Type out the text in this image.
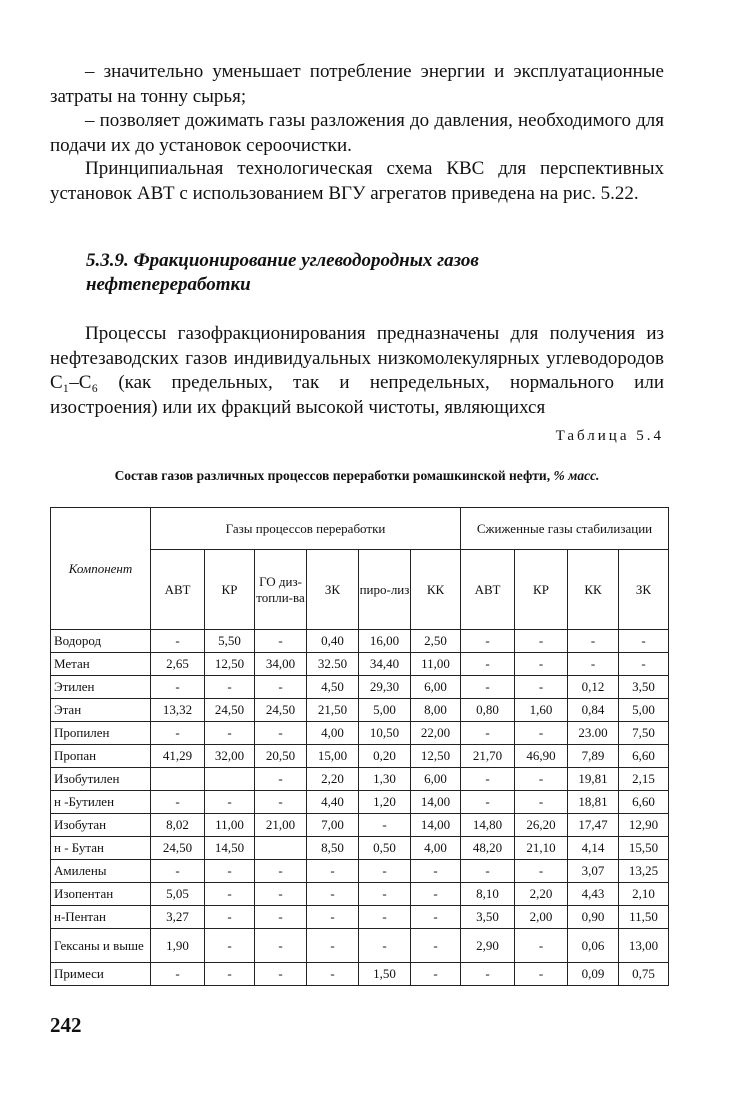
– значительно уменьшает потребление энергии и эксплуатационные затраты на тонну сырья;

– позволяет дожимать газы разложения до давления, необходимого для подачи их до установок сероочистки.

Принципиальная технологическая схема КВС для перспективных установок АВТ с использованием ВГУ агрегатов приведена на рис. 5.22.

5.3.9. Фракционирование углеводородных газов нефтепереработки

Процессы газофракционирования предназначены для получения из нефтезаводских газов индивидуальных низкомолекулярных углеводородов C₁–C₆ (как предельных, так и непредельных, нормального или изостроения) или их фракций высокой чистоты, являющихся

Таблица 5.4

Состав газов различных процессов переработки ромашкинской нефти, % масс.

Компонент	Газы процессов переработки						Сжиженные газы стабилизации			
	АВТ	КР	ГО диз-топли-ва	ЗК	пиро-лиз	КК	АВТ	КР	КК	ЗК
Водород	-	5,50	-	0,40	16,00	2,50	-	-	-	-
Метан	2,65	12,50	34,00	32.50	34,40	11,00	-	-	-	-
Этилен	-	-	-	4,50	29,30	6,00	-	-	0,12	3,50
Этан	13,32	24,50	24,50	21,50	5,00	8,00	0,80	1,60	0,84	5,00
Пропилен	-	-	-	4,00	10,50	22,00	-	-	23.00	7,50
Пропан	41,29	32,00	20,50	15,00	0,20	12,50	21,70	46,90	7,89	6,60
Изобутилен			-	2,20	1,30	6,00	-	-	19,81	2,15
н -Бутилен	-	-	-	4,40	1,20	14,00	-	-	18,81	6,60
Изобутан	8,02	11,00	21,00	7,00	-	14,00	14,80	26,20	17,47	12,90
н - Бутан	24,50	14,50		8,50	0,50	4,00	48,20	21,10	4,14	15,50
Амилены	-	-	-	-	-	-	-	-	3,07	13,25
Изопентан	5,05	-	-	-	-	-	8,10	2,20	4,43	2,10
н-Пентан	3,27	-	-	-	-	-	3,50	2,00	0,90	11,50
Гексаны и выше	1,90	-	-	-	-	-	2,90	-	0,06	13,00
Примеси	-	-	-	-	1,50	-	-	-	0,09	0,75

242
